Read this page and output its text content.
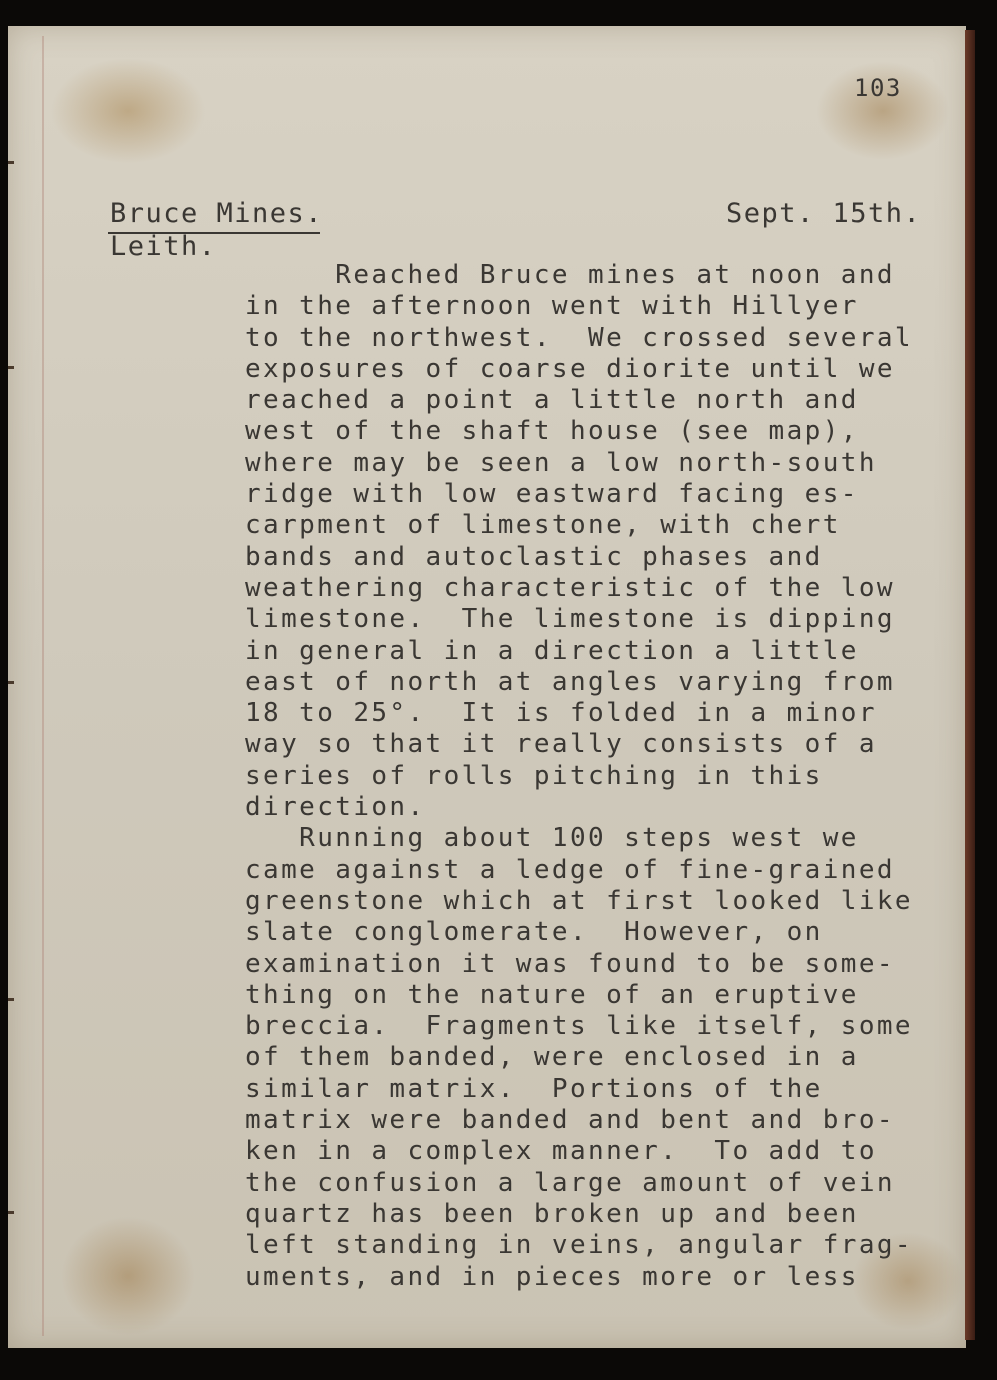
103
Bruce Mines.	Sept. 15th.
Leith.
Reached Bruce mines at noon and
in the afternoon went with Hillyer
to the northwest.  We crossed several
exposures of coarse diorite until we
reached a point a little north and
west of the shaft house (see map),
where may be seen a low north-south
ridge with low eastward facing es-
carpment of limestone, with chert
bands and autoclastic phases and
weathering characteristic of the low
limestone.  The limestone is dipping
in general in a direction a little
east of north at angles varying from
18 to 25°.  It is folded in a minor
way so that it really consists of a
series of rolls pitching in this
direction.
Running about 100 steps west we
came against a ledge of fine-grained
greenstone which at first looked like
slate conglomerate.  However, on
examination it was found to be some-
thing on the nature of an eruptive
breccia.  Fragments like itself, some
of them banded, were enclosed in a
similar matrix.  Portions of the
matrix were banded and bent and bro-
ken in a complex manner.  To add to
the confusion a large amount of vein
quartz has been broken up and been
left standing in veins, angular frag-
uments, and in pieces more or less
